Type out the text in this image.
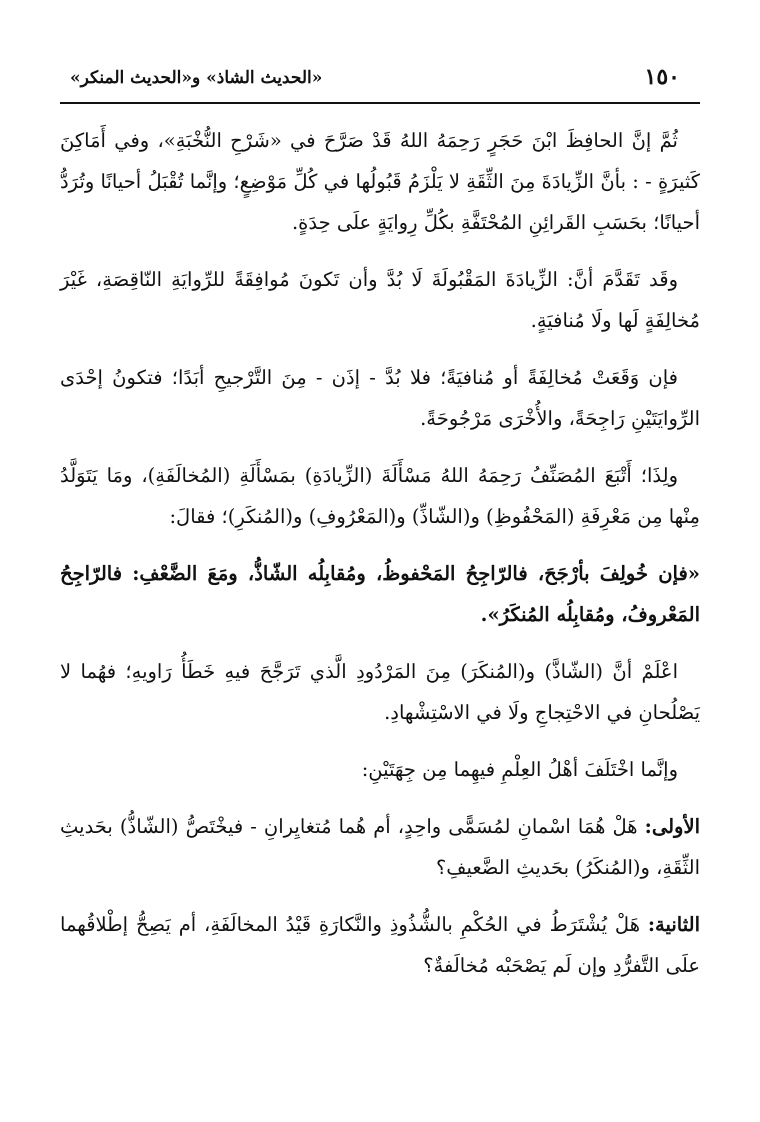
١٥٠
«الحديث الشاذ» و«الحديث المنكر»

ثُمَّ إنَّ الحافِظَ ابْنَ حَجَرٍ رَحِمَهُ اللهُ قَدْ صَرَّحَ في «شَرْحِ النُّخْبَةِ»، وفي أَمَاكِنَ كَثيرَةٍ - : بأنَّ الزِّيادَةَ مِنَ الثِّقَةِ لا يَلْزَمُ قَبُولُها في كُلِّ مَوْضِعٍ؛ وإنَّما تُقْبَلُ أحيانًا وتُرَدُّ أحيانًا؛ بحَسَبِ القَرائِنِ المُحْتَفَّةِ بكُلِّ رِوايَةٍ علَى حِدَةٍ.

وقَد تَقَدَّمَ أنَّ: الزِّيادَةَ المَقْبُولَةَ لَا بُدَّ وأن تَكونَ مُوافِقَةً للرِّوايَةِ النّاقِصَةِ، غَيْرَ مُخالِفَةٍ لَها ولَا مُنافيَةٍ.

فإن وَقَعَتْ مُخالِفَةً أو مُنافيَةً؛ فلا بُدَّ - إذَن - مِنَ التَّرْجيحِ أبَدًا؛ فتكونُ إحْدَى الرِّوايَتَيْنِ رَاجِحَةً، والأُخْرَى مَرْجُوحَةً.

ولِذَا؛ أَتْبَعَ المُصَنِّفُ رَحِمَهُ اللهُ مَسْأَلَةَ (الزِّيادَةِ) بمَسْأَلَةِ (المُخالَفَةِ)، ومَا يَتَوَلَّدُ مِنْها مِن مَعْرِفَةِ (المَحْفُوظِ) و(الشّاذِّ) و(المَعْرُوفِ) و(المُنكَرِ)؛ فقالَ:

«فإن خُولِفَ بأرْجَحَ، فالرّاجِحُ المَحْفوظُ، ومُقابِلُه الشّاذُّ، ومَعَ الضَّعْفِ: فالرّاجِحُ المَعْروفُ، ومُقابِلُه المُنكَرُ».

اعْلَمْ أنَّ (الشّاذَّ) و(المُنكَرَ) مِنَ المَرْدُودِ الَّذي تَرَجَّحَ فيهِ خَطَأُ رَاويهِ؛ فهُما لا يَصْلُحانِ في الاحْتِجاجِ ولَا في الاسْتِشْهادِ.

وإنَّما اخْتَلَفَ أهْلُ العِلْمِ فيهِما مِن جِهَتَيْنِ:

الأولى: هَلْ هُمَا اسْمانِ لمُسَمًّى واحِدٍ، أم هُما مُتغايِرانِ - فيخْتَصُّ (الشّاذُّ) بحَديثِ الثِّقَةِ، و(المُنكَرُ) بحَديثِ الضَّعيفِ؟

الثانية: هَلْ يُشْتَرَطُ في الحُكْمِ بالشُّذُوذِ والنَّكارَةِ قَيْدُ المخالَفَةِ، أم يَصِحُّ إطْلاقُهما علَى التَّفرُّدِ وإن لَم يَصْحَبْه مُخالَفةٌ؟
